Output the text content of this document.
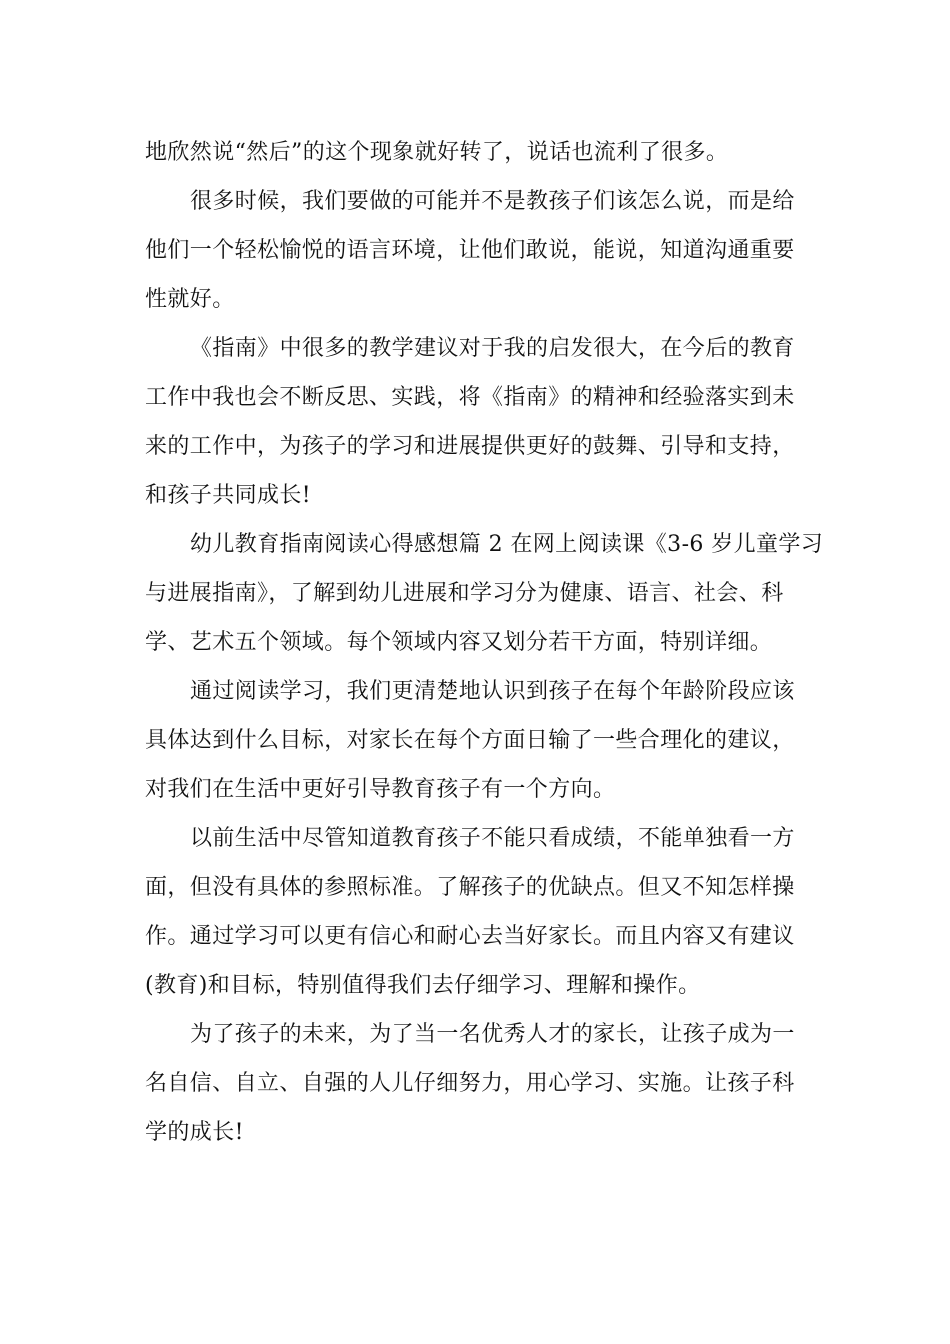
地欣然说“然后”的这个现象就好转了，说话也流利了很多。
很多时候，我们要做的可能并不是教孩子们该怎么说，而是给
他们一个轻松愉悦的语言环境，让他们敢说，能说，知道沟通重要
性就好。
《指南》中很多的教学建议对于我的启发很大，在今后的教育
工作中我也会不断反思、实践，将《指南》的精神和经验落实到未
来的工作中，为孩子的学习和进展提供更好的鼓舞、引导和支持，
和孩子共同成长!
幼儿教育指南阅读心得感想篇 2 在网上阅读课《3-6 岁儿童学习
与进展指南》，了解到幼儿进展和学习分为健康、语言、社会、科
学、艺术五个领域。每个领域内容又划分若干方面，特别详细。
通过阅读学习，我们更清楚地认识到孩子在每个年龄阶段应该
具体达到什么目标，对家长在每个方面日输了一些合理化的建议，
对我们在生活中更好引导教育孩子有一个方向。
以前生活中尽管知道教育孩子不能只看成绩，不能单独看一方
面，但没有具体的参照标准。了解孩子的优缺点。但又不知怎样操
作。通过学习可以更有信心和耐心去当好家长。而且内容又有建议
(教育)和目标，特别值得我们去仔细学习、理解和操作。
为了孩子的未来，为了当一名优秀人才的家长，让孩子成为一
名自信、自立、自强的人儿仔细努力，用心学习、实施。让孩子科
学的成长!
